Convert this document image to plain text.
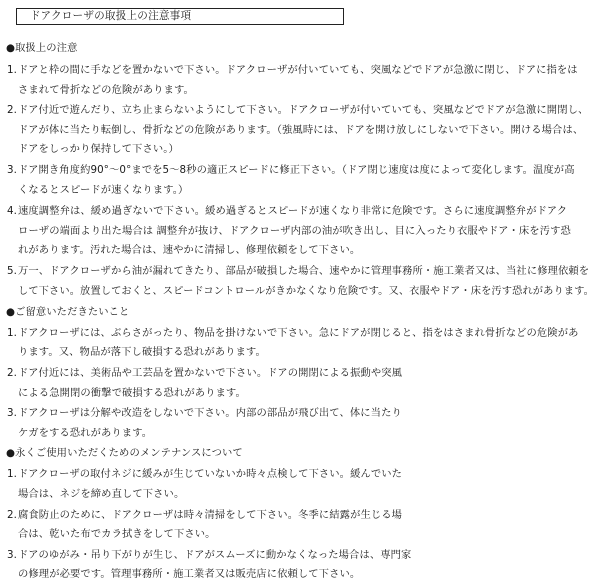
ドアクローザの取扱上の注意事項
●取扱上の注意
1. ドアと枠の間に手などを置かないで下さい。ドアクローザが付いていても、突風などでドアが急激に閉じ、ドアに指をは
さまれて骨折などの危険があります。
2. ドア付近で遊んだり、立ち止まらないようにして下さい。ドアクローザが付いていても、突風などでドアが急激に開閉し、
ドアが体に当たり転倒し、骨折などの危険があります。（強風時には、ドアを開け放しにしないで下さい。開ける場合は、
ドアをしっかり保持して下さい。）
3. ドア開き角度約90°〜0°までを5〜8秒の適正スピードに修正下さい。（ドア閉じ速度は度によって変化します。温度が高
くなるとスピードが速くなります。）
4. 速度調整弁は、緩め過ぎないで下さい。緩め過ぎるとスピードが速くなり非常に危険です。さらに速度調整弁がドアク
ローザの端面より出た場合は 調整弁が抜け、ドアクローザ内部の油が吹き出し、目に入ったり衣服やドア・床を汚す恐
れがあります。汚れた場合は、速やかに清掃し、修理依頼をして下さい。
5. 万一、ドアクローザから油が漏れてきたり、部品が破損した場合、速やかに管理事務所・施工業者又は、当社に修理依頼を
して下さい。放置しておくと、スピードコントロールがきかなくなり危険です。又、衣服やドア・床を汚す恐れがあります。
●ご留意いただきたいこと
1. ドアクローザには、ぶらさがったり、物品を掛けないで下さい。急にドアが閉じると、指をはさまれ骨折などの危険があ
ります。又、物品が落下し破損する恐れがあります。
2. ドア付近には、美術品や工芸品を置かないで下さい。ドアの開閉による振動や突風
による急開閉の衝撃で破損する恐れがあります。
3. ドアクローザは分解や改造をしないで下さい。内部の部品が飛び出て、体に当たり
ケガをする恐れがあります。
●永くご使用いただくためのメンテナンスについて
1. ドアクローザの取付ネジに緩みが生じていないか時々点検して下さい。緩んでいた
場合は、ネジを締め直して下さい。
2. 腐食防止のために、ドアクローザは時々清掃をして下さい。冬季に結露が生じる場
合は、乾いた布でカラ拭きをして下さい。
3. ドアのゆがみ・吊り下がりが生じ、ドアがスムーズに動かなくなった場合は、専門家
の修理が必要です。管理事務所・施工業者又は販売店に依頼して下さい。
